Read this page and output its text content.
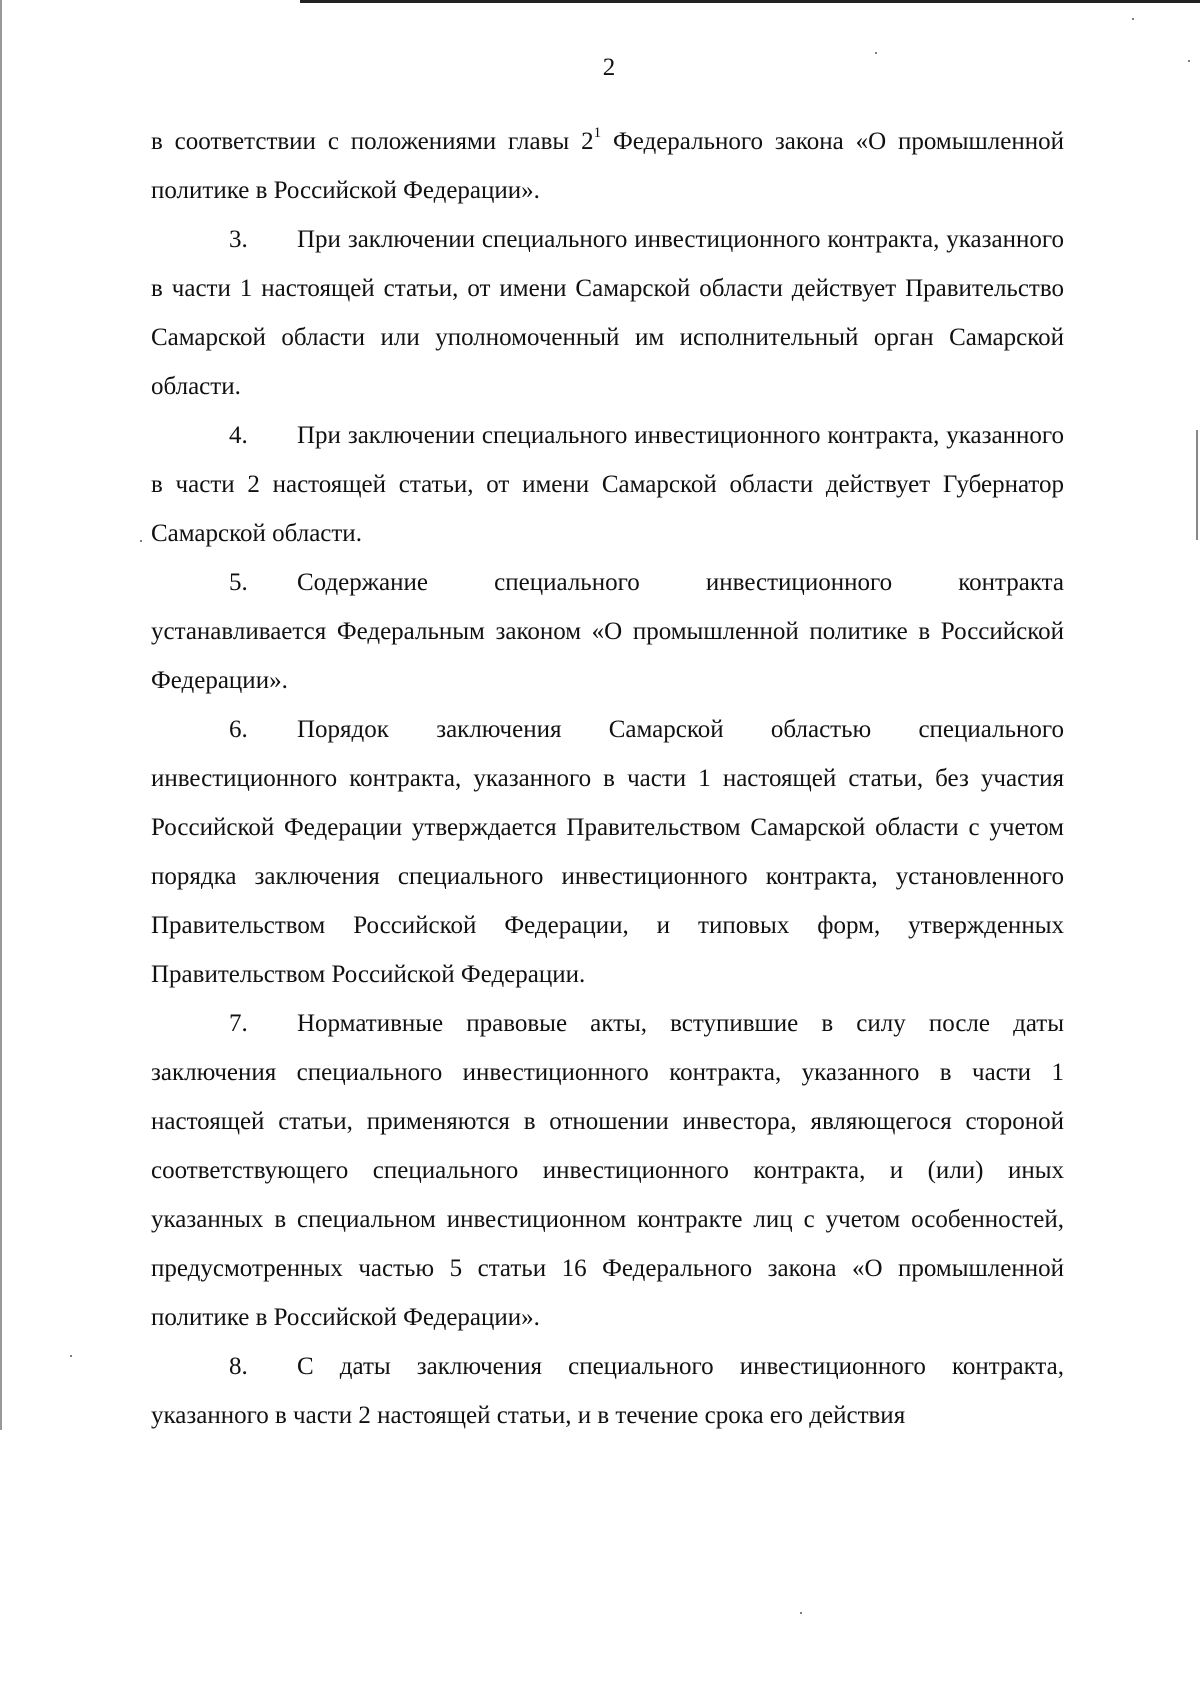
2

в соответствии с положениями главы $2^1$ Федерального закона «О промышленной политике в Российской Федерации».

3. При заключении специального инвестиционного контракта, указанного в части 1 настоящей статьи, от имени Самарской области действует Правительство Самарской области или уполномоченный им исполнительный орган Самарской области.

4. При заключении специального инвестиционного контракта, указанного в части 2 настоящей статьи, от имени Самарской области действует Губернатор Самарской области.

5. Содержание специального инвестиционного контракта устанавливается Федеральным законом «О промышленной политике в Российской Федерации».

6. Порядок заключения Самарской областью специального инвестиционного контракта, указанного в части 1 настоящей статьи, без участия Российской Федерации утверждается Правительством Самарской области с учетом порядка заключения специального инвестиционного контракта, установленного Правительством Российской Федерации, и типовых форм, утвержденных Правительством Российской Федерации.

7. Нормативные правовые акты, вступившие в силу после даты заключения специального инвестиционного контракта, указанного в части 1 настоящей статьи, применяются в отношении инвестора, являющегося стороной соответствующего специального инвестиционного контракта, и (или) иных указанных в специальном инвестиционном контракте лиц с учетом особенностей, предусмотренных частью 5 статьи 16 Федерального закона «О промышленной политике в Российской Федерации».

8. С даты заключения специального инвестиционного контракта, указанного в части 2 настоящей статьи, и в течение срока его действия
